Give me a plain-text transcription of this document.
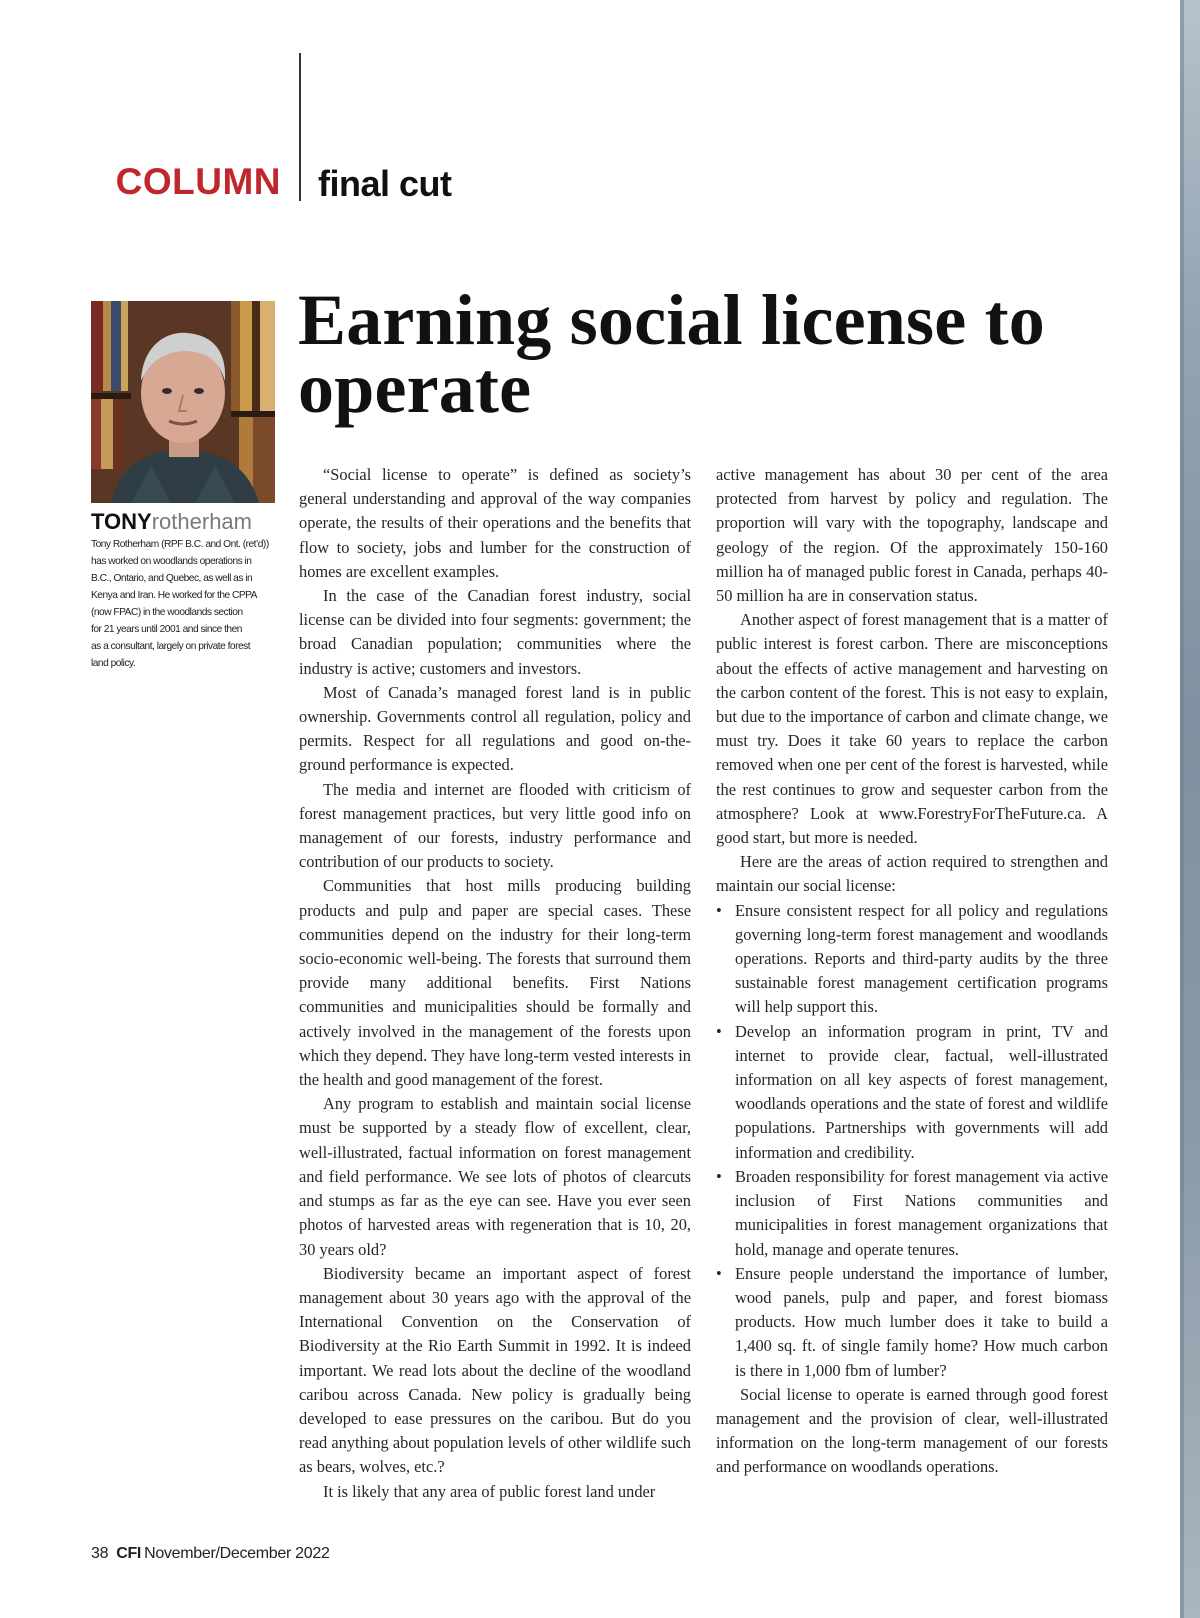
COLUMN final cut
Earning social license to operate
TONYrotherham
Tony Rotherham (RPF B.C. and Ont. (ret’d))
has worked on woodlands operations in
B.C., Ontario, and Quebec, as well as in
Kenya and Iran. He worked for the CPPA
(now FPAC) in the woodlands section
for 21 years until 2001 and since then
as a consultant, largely on private forest
land policy.

“Social license to operate” is defined as society’s general understanding and approval of the way companies operate, the results of their operations and the benefits that flow to society, jobs and lumber for the construction of homes are excellent examples.

In the case of the Canadian forest industry, social license can be divided into four segments: government; the broad Canadian population; communities where the industry is active; customers and investors.

Most of Canada’s managed forest land is in public ownership. Governments control all regulation, policy and permits. Respect for all regulations and good on-the-ground performance is expected.

The media and internet are flooded with criticism of forest management practices, but very little good info on management of our forests, industry performance and contribution of our products to society.

Communities that host mills producing building products and pulp and paper are special cases. These communities depend on the industry for their long-term socio-economic well-being. The forests that surround them provide many additional benefits. First Nations communities and municipalities should be formally and actively involved in the management of the forests upon which they depend. They have long-term vested interests in the health and good management of the forest.

Any program to establish and maintain social license must be supported by a steady flow of excellent, clear, well-illustrated, factual information on forest management and field performance. We see lots of photos of clearcuts and stumps as far as the eye can see. Have you ever seen photos of harvested areas with regeneration that is 10, 20, 30 years old?

Biodiversity became an important aspect of forest management about 30 years ago with the approval of the International Convention on the Conservation of Biodiversity at the Rio Earth Summit in 1992. It is indeed important. We read lots about the decline of the woodland caribou across Canada. New policy is gradually being developed to ease pressures on the caribou. But do you read anything about population levels of other wildlife such as bears, wolves, etc.?

It is likely that any area of public forest land under

active management has about 30 per cent of the area protected from harvest by policy and regulation. The proportion will vary with the topography, landscape and geology of the region. Of the approximately 150-160 million ha of managed public forest in Canada, perhaps 40-50 million ha are in conservation status.

Another aspect of forest management that is a matter of public interest is forest carbon. There are misconceptions about the effects of active management and harvesting on the carbon content of the forest. This is not easy to explain, but due to the importance of carbon and climate change, we must try. Does it take 60 years to replace the carbon removed when one per cent of the forest is harvested, while the rest continues to grow and sequester carbon from the atmosphere? Look at www.ForestryForTheFuture.ca. A good start, but more is needed.

Here are the areas of action required to strengthen and maintain our social license:

• Ensure consistent respect for all policy and regulations governing long-term forest management and woodlands operations. Reports and third-party audits by the three sustainable forest management certification programs will help support this.
• Develop an information program in print, TV and internet to provide clear, factual, well-illustrated information on all key aspects of forest management, woodlands operations and the state of forest and wildlife populations. Partnerships with governments will add information and credibility.
• Broaden responsibility for forest management via active inclusion of First Nations communities and municipalities in forest management organizations that hold, manage and operate tenures.
• Ensure people understand the importance of lumber, wood panels, pulp and paper, and forest biomass products. How much lumber does it take to build a 1,400 sq. ft. of single family home? How much carbon is there in 1,000 fbm of lumber?

Social license to operate is earned through good forest management and the provision of clear, well-illustrated information on the long-term management of our forests and performance on woodlands operations.

38 CFI November/December 2022
